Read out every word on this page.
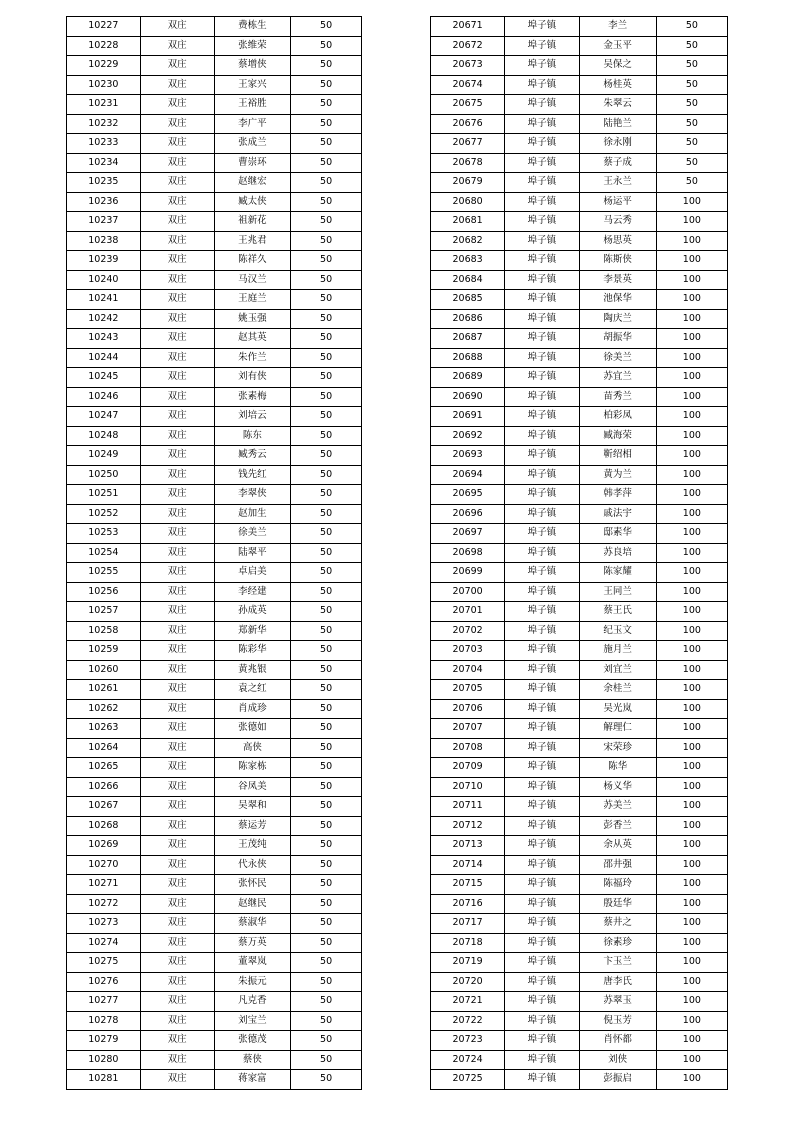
10227	双庄	费栋生	50
10228	双庄	张维荣	50
10229	双庄	蔡增侠	50
10230	双庄	王家兴	50
10231	双庄	王裕胜	50
10232	双庄	李广平	50
10233	双庄	张成兰	50
10234	双庄	曹崇环	50
10235	双庄	赵继宏	50
10236	双庄	臧太侠	50
10237	双庄	祖新花	50
10238	双庄	王兆君	50
10239	双庄	陈祥久	50
10240	双庄	马汉兰	50
10241	双庄	王庭兰	50
10242	双庄	姚玉强	50
10243	双庄	赵其英	50
10244	双庄	朱作兰	50
10245	双庄	刘有侠	50
10246	双庄	张素梅	50
10247	双庄	刘培云	50
10248	双庄	陈东	50
10249	双庄	臧秀云	50
10250	双庄	钱先红	50
10251	双庄	李翠侠	50
10252	双庄	赵加生	50
10253	双庄	徐美兰	50
10254	双庄	陆翠平	50
10255	双庄	卓启美	50
10256	双庄	李经建	50
10257	双庄	孙成英	50
10258	双庄	郑新华	50
10259	双庄	陈彩华	50
10260	双庄	黄兆银	50
10261	双庄	袁之红	50
10262	双庄	肖成珍	50
10263	双庄	张德如	50
10264	双庄	高侠	50
10265	双庄	陈家栋	50
10266	双庄	谷凤美	50
10267	双庄	吴翠和	50
10268	双庄	蔡运芳	50
10269	双庄	王茂纯	50
10270	双庄	代永侠	50
10271	双庄	张怀民	50
10272	双庄	赵继民	50
10273	双庄	蔡淑华	50
10274	双庄	蔡万英	50
10275	双庄	董翠岚	50
10276	双庄	朱振元	50
10277	双庄	凡克香	50
10278	双庄	刘宝兰	50
10279	双庄	张德茂	50
10280	双庄	蔡侠	50
10281	双庄	蒋家富	50
20671	埠子镇	李兰	50
20672	埠子镇	金玉平	50
20673	埠子镇	吴保之	50
20674	埠子镇	杨桂英	50
20675	埠子镇	朱翠云	50
20676	埠子镇	陆艳兰	50
20677	埠子镇	徐永刚	50
20678	埠子镇	蔡子成	50
20679	埠子镇	王永兰	50
20680	埠子镇	杨运平	100
20681	埠子镇	马云秀	100
20682	埠子镇	杨思英	100
20683	埠子镇	陈斯侠	100
20684	埠子镇	李景英	100
20685	埠子镇	池保华	100
20686	埠子镇	陶庆兰	100
20687	埠子镇	胡振华	100
20688	埠子镇	徐美兰	100
20689	埠子镇	苏宜兰	100
20690	埠子镇	苗秀兰	100
20691	埠子镇	柏彩凤	100
20692	埠子镇	臧海荣	100
20693	埠子镇	靳绍相	100
20694	埠子镇	黄为兰	100
20695	埠子镇	韩孝萍	100
20696	埠子镇	戚法宇	100
20697	埠子镇	邸素华	100
20698	埠子镇	苏良培	100
20699	埠子镇	陈家耀	100
20700	埠子镇	王同兰	100
20701	埠子镇	蔡王氏	100
20702	埠子镇	纪玉文	100
20703	埠子镇	施月兰	100
20704	埠子镇	刘宜兰	100
20705	埠子镇	余桂兰	100
20706	埠子镇	吴光岚	100
20707	埠子镇	解理仁	100
20708	埠子镇	宋荣珍	100
20709	埠子镇	陈华	100
20710	埠子镇	杨义华	100
20711	埠子镇	苏美兰	100
20712	埠子镇	彭香兰	100
20713	埠子镇	余从英	100
20714	埠子镇	邵井强	100
20715	埠子镇	陈福玲	100
20716	埠子镇	殷廷华	100
20717	埠子镇	蔡井之	100
20718	埠子镇	徐素珍	100
20719	埠子镇	卞玉兰	100
20720	埠子镇	唐李氏	100
20721	埠子镇	苏翠玉	100
20722	埠子镇	倪玉芳	100
20723	埠子镇	肖怀都	100
20724	埠子镇	刘侠	100
20725	埠子镇	彭振启	100
